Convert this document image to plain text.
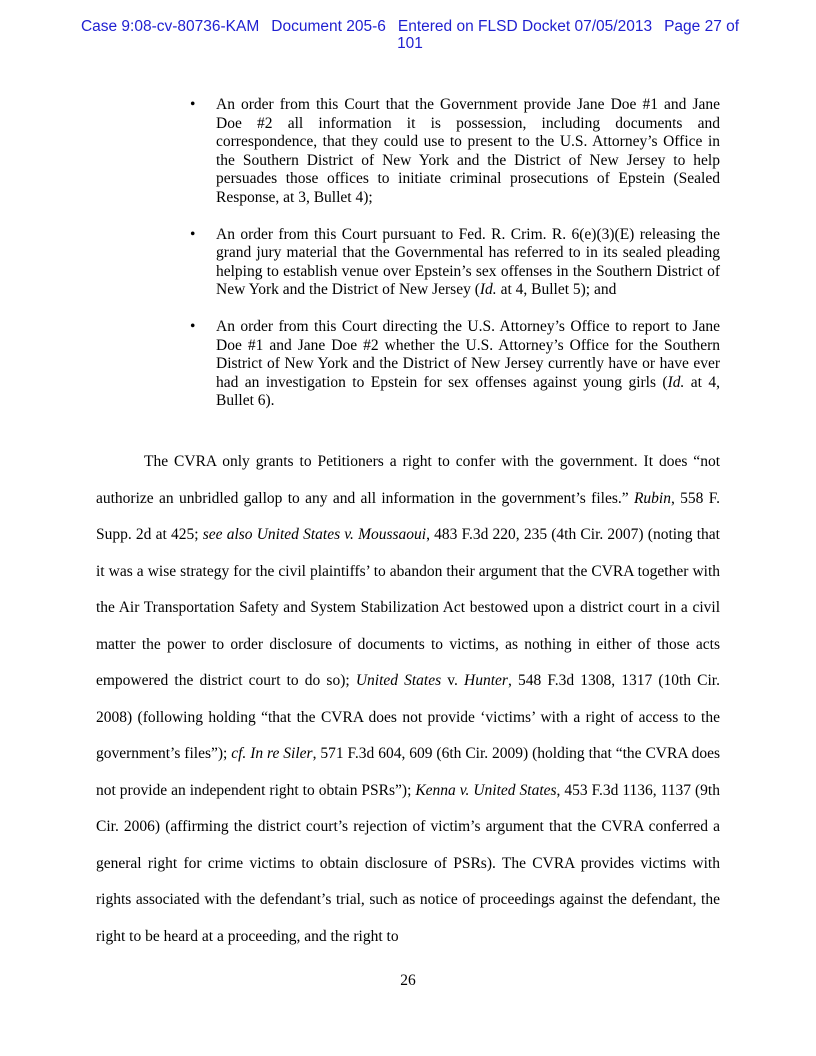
Case 9:08-cv-80736-KAM Document 205-6 Entered on FLSD Docket 07/05/2013 Page 27 of
101
• An order from this Court that the Government provide Jane Doe #1 and Jane Doe #2 all information it is possession, including documents and correspondence, that they could use to present to the U.S. Attorney’s Office in the Southern District of New York and the District of New Jersey to help persuades those offices to initiate criminal prosecutions of Epstein (Sealed Response, at 3, Bullet 4);
• An order from this Court pursuant to Fed. R. Crim. R. 6(e)(3)(E) releasing the grand jury material that the Governmental has referred to in its sealed pleading helping to establish venue over Epstein’s sex offenses in the Southern District of New York and the District of New Jersey (Id. at 4, Bullet 5); and
• An order from this Court directing the U.S. Attorney’s Office to report to Jane Doe #1 and Jane Doe #2 whether the U.S. Attorney’s Office for the Southern District of New York and the District of New Jersey currently have or have ever had an investigation to Epstein for sex offenses against young girls (Id. at 4, Bullet 6).
The CVRA only grants to Petitioners a right to confer with the government. It does “not authorize an unbridled gallop to any and all information in the government’s files.” Rubin, 558 F. Supp. 2d at 425; see also United States v. Moussaoui, 483 F.3d 220, 235 (4th Cir. 2007) (noting that it was a wise strategy for the civil plaintiffs’ to abandon their argument that the CVRA together with the Air Transportation Safety and System Stabilization Act bestowed upon a district court in a civil matter the power to order disclosure of documents to victims, as nothing in either of those acts empowered the district court to do so); United States v. Hunter, 548 F.3d 1308, 1317 (10th Cir. 2008) (following holding “that the CVRA does not provide ‘victims’ with a right of access to the government’s files”); cf. In re Siler, 571 F.3d 604, 609 (6th Cir. 2009) (holding that “the CVRA does not provide an independent right to obtain PSRs”); Kenna v. United States, 453 F.3d 1136, 1137 (9th Cir. 2006) (affirming the district court’s rejection of victim’s argument that the CVRA conferred a general right for crime victims to obtain disclosure of PSRs). The CVRA provides victims with rights associated with the defendant’s trial, such as notice of proceedings against the defendant, the right to be heard at a proceeding, and the right to
26
